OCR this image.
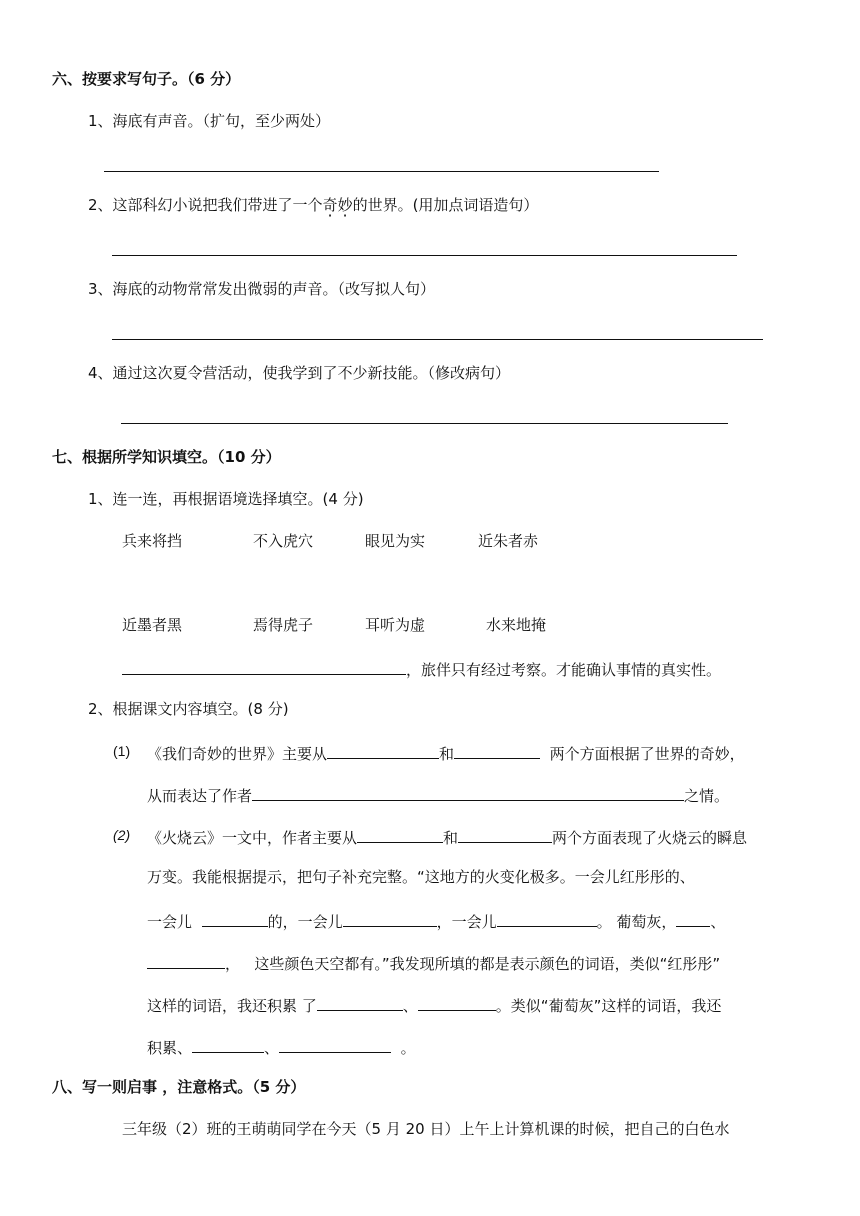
六、按要求写句子。（6 分）
1、海底有声音。（扩句，至少两处）
2、这部科幻小说把我们带进了一个奇妙的世界。(用加点词语造句）
3、海底的动物常常发出微弱的声音。（改写拟人句）
4、通过这次夏令营活动，使我学到了不少新技能。（修改病句）
七、根据所学知识填空。（10 分）
1、连一连，再根据语境选择填空。(4 分)
兵来将挡	不入虎穴	眼见为实	近朱者赤
近墨者黑	焉得虎子	耳听为虚	水来地掩
，旅伴只有经过考察。才能确认事情的真实性。
2、根据课文内容填空。(8 分)
(1) 《我们奇妙的世界》主要从	和	两个方面根据了世界的奇妙，
从而表达了作者	之情。
(2) 《火烧云》一文中，作者主要从	和	两个方面表现了火烧云的瞬息
万变。我能根据提示，把句子补充完整。“这地方的火变化极多。一会儿红彤彤的、
一会儿	的，一会儿	，一会儿	。 葡萄灰， 、
， 这些颜色天空都有。”我发现所填的都是表示颜色的词语，类似“红彤彤”
这样的词语，我还积累 了	、	。类似“葡萄灰”这样的词语，我还
积累、	、	。
八、写一则启事 ，注意格式。（5 分）
三年级（2）班的王萌萌同学在今天（5 月 20 日）上午上计算机课的时候，把自己的白色水
